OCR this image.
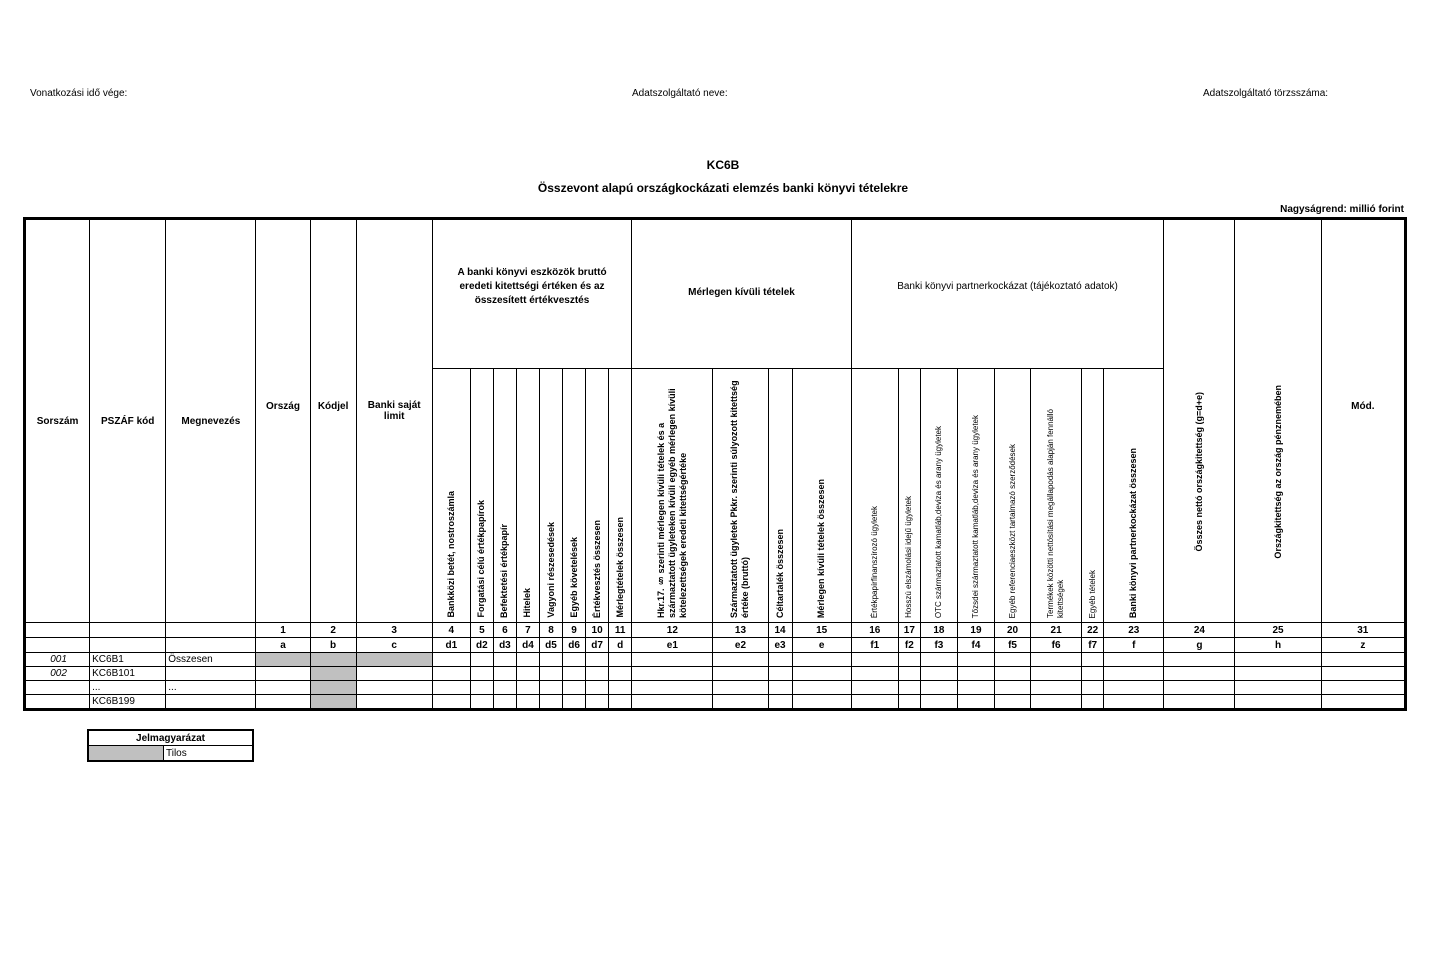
Vonatkozási idő vége:	Adatszolgáltató neve:	Adatszolgáltató törzsszáma:
KC6B
Összevont alapú országkockázati elemzés banki könyvi tételekre
Nagyságrend: millió forint
Sorszám	PSZÁF kód	Megnevezés	Ország	Kódjel	Banki saját limit	A banki könyvi eszközök bruttó eredeti kitettségi értéken és az összesített értékvesztés								Mérlegen kívüli tételek				Banki könyvi partnerkockázat (tájékoztató adatok)								Összes nettó országkitettség (g=d+e)	Országkitettség az ország pénznemében	Mód.

						Bankközi betét, nostroszámla	Forgatási célú értékpapírok	Befektetési értékpapír	Hitelek	Vagyoni részesedések	Egyéb követelések	Értékvesztés összesen	Mérlegtételek összesen	Hkr.17. § szerinti mérlegen kívüli tételek és a származtatott ügyleteken kívüli egyéb mérlegen kívüli kötelezettségek eredeti kitettségértéke	Származtatott ügyletek Pkkr. szerinti súlyozott kitettség értéke (bruttó)	Céltartalék összesen	Mérlegen kívüli tételek összesen	Értékpapírfinanszírozó ügyletek	Hosszú elszámolási idejű ügyletek	OTC származtatott kamatláb,deviza és arany ügyletek	Tőzsdei származtatott kamatláb,deviza és arany ügyletek	Egyéb referenciaeszközt tartalmazó szerződések	Termékek közötti nettósítási megállapodás alapján fennálló kitettségek	Egyéb tételek	Banki könyvi partnerkockázat összesen			

			1	2	3	4	5	6	7	8	9	10	11	12	13	14	15	16	17	18	19	20	21	22	23	24	25	31
			a	b	c	d1	d2	d3	d4	d5	d6	d7	d	e1	e2	e3	e	f1	f2	f3	f4	f5	f6	f7	f	g	h	z
001	KC6B1	Összesen																										
002	KC6B101																											
	...	...																										
	KC6B199																											
Jelmagyarázat
	Tilos
